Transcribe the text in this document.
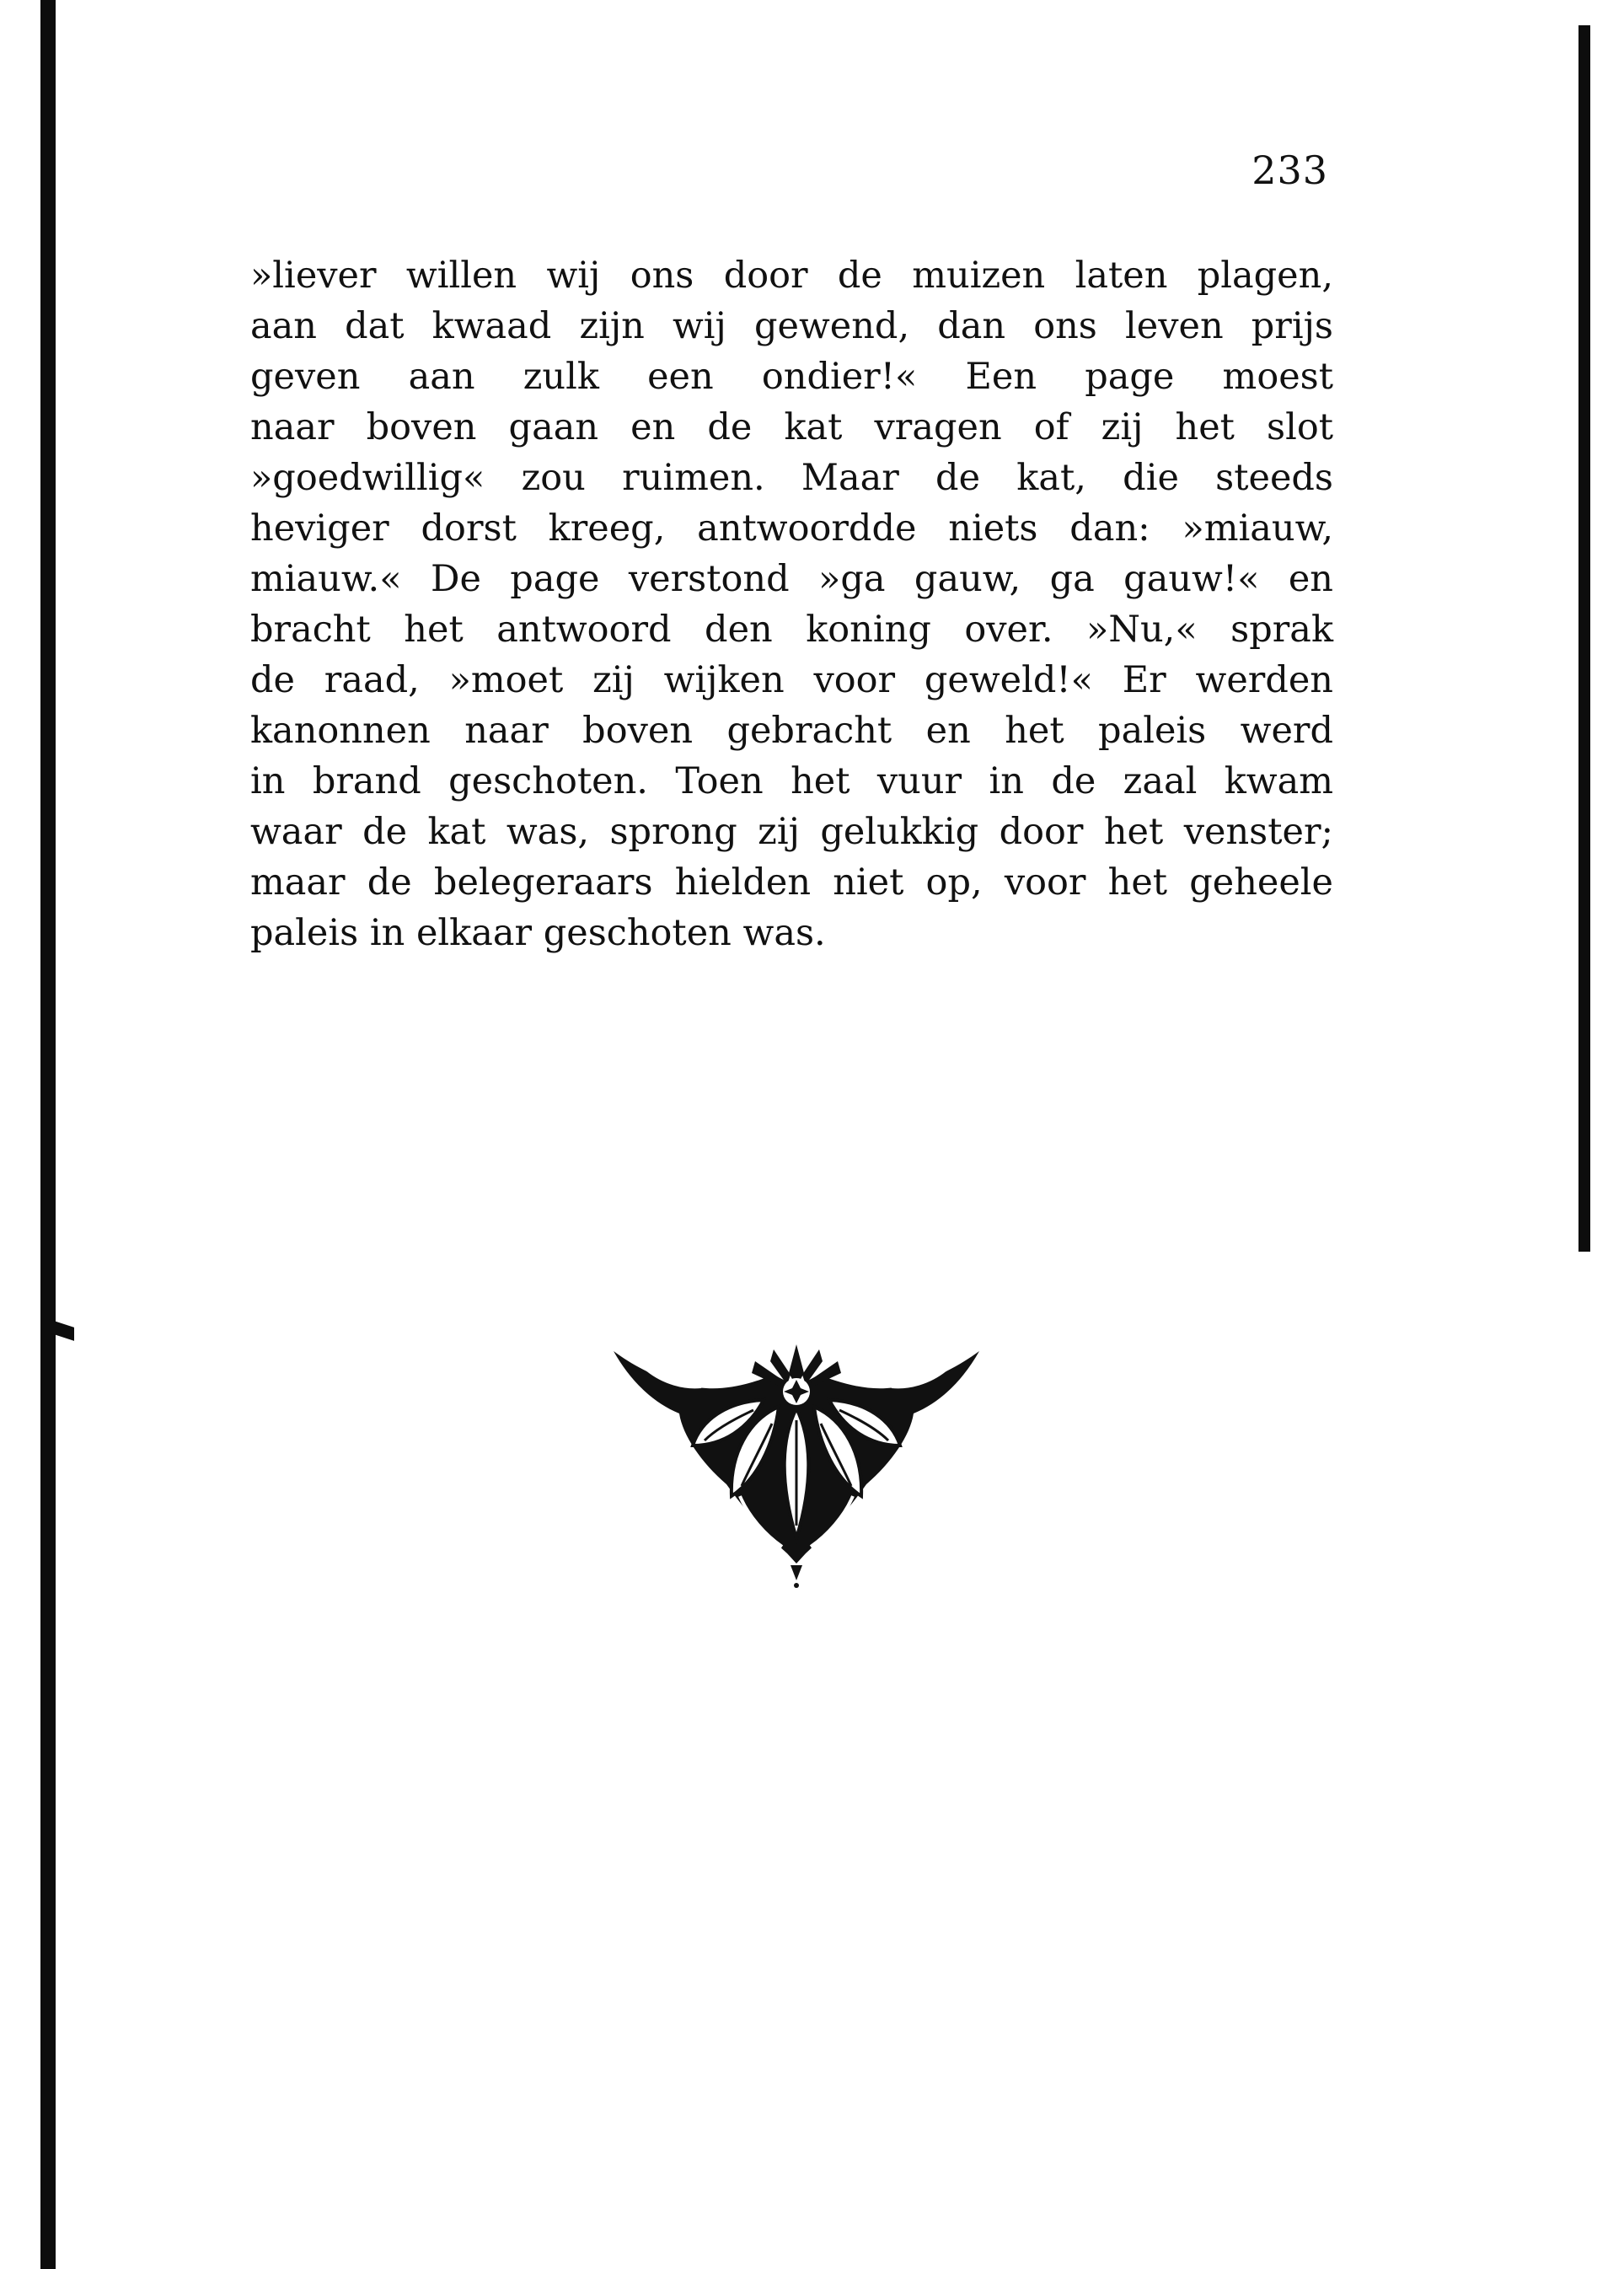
233
»liever willen wij ons door de muizen laten plagen,
aan dat kwaad zijn wij gewend, dan ons leven prijs
geven aan zulk een ondier!« Een page moest
naar boven gaan en de kat vragen of zij het slot
»goedwillig« zou ruimen. Maar de kat, die steeds
heviger dorst kreeg, antwoordde niets dan: »miauw,
miauw.« De page verstond »ga gauw, ga gauw!« en
bracht het antwoord den koning over. »Nu,« sprak
de raad, »moet zij wijken voor geweld!« Er werden
kanonnen naar boven gebracht en het paleis werd
in brand geschoten. Toen het vuur in de zaal kwam
waar de kat was, sprong zij gelukkig door het venster;
maar de belegeraars hielden niet op, voor het geheele
paleis in elkaar geschoten was.
